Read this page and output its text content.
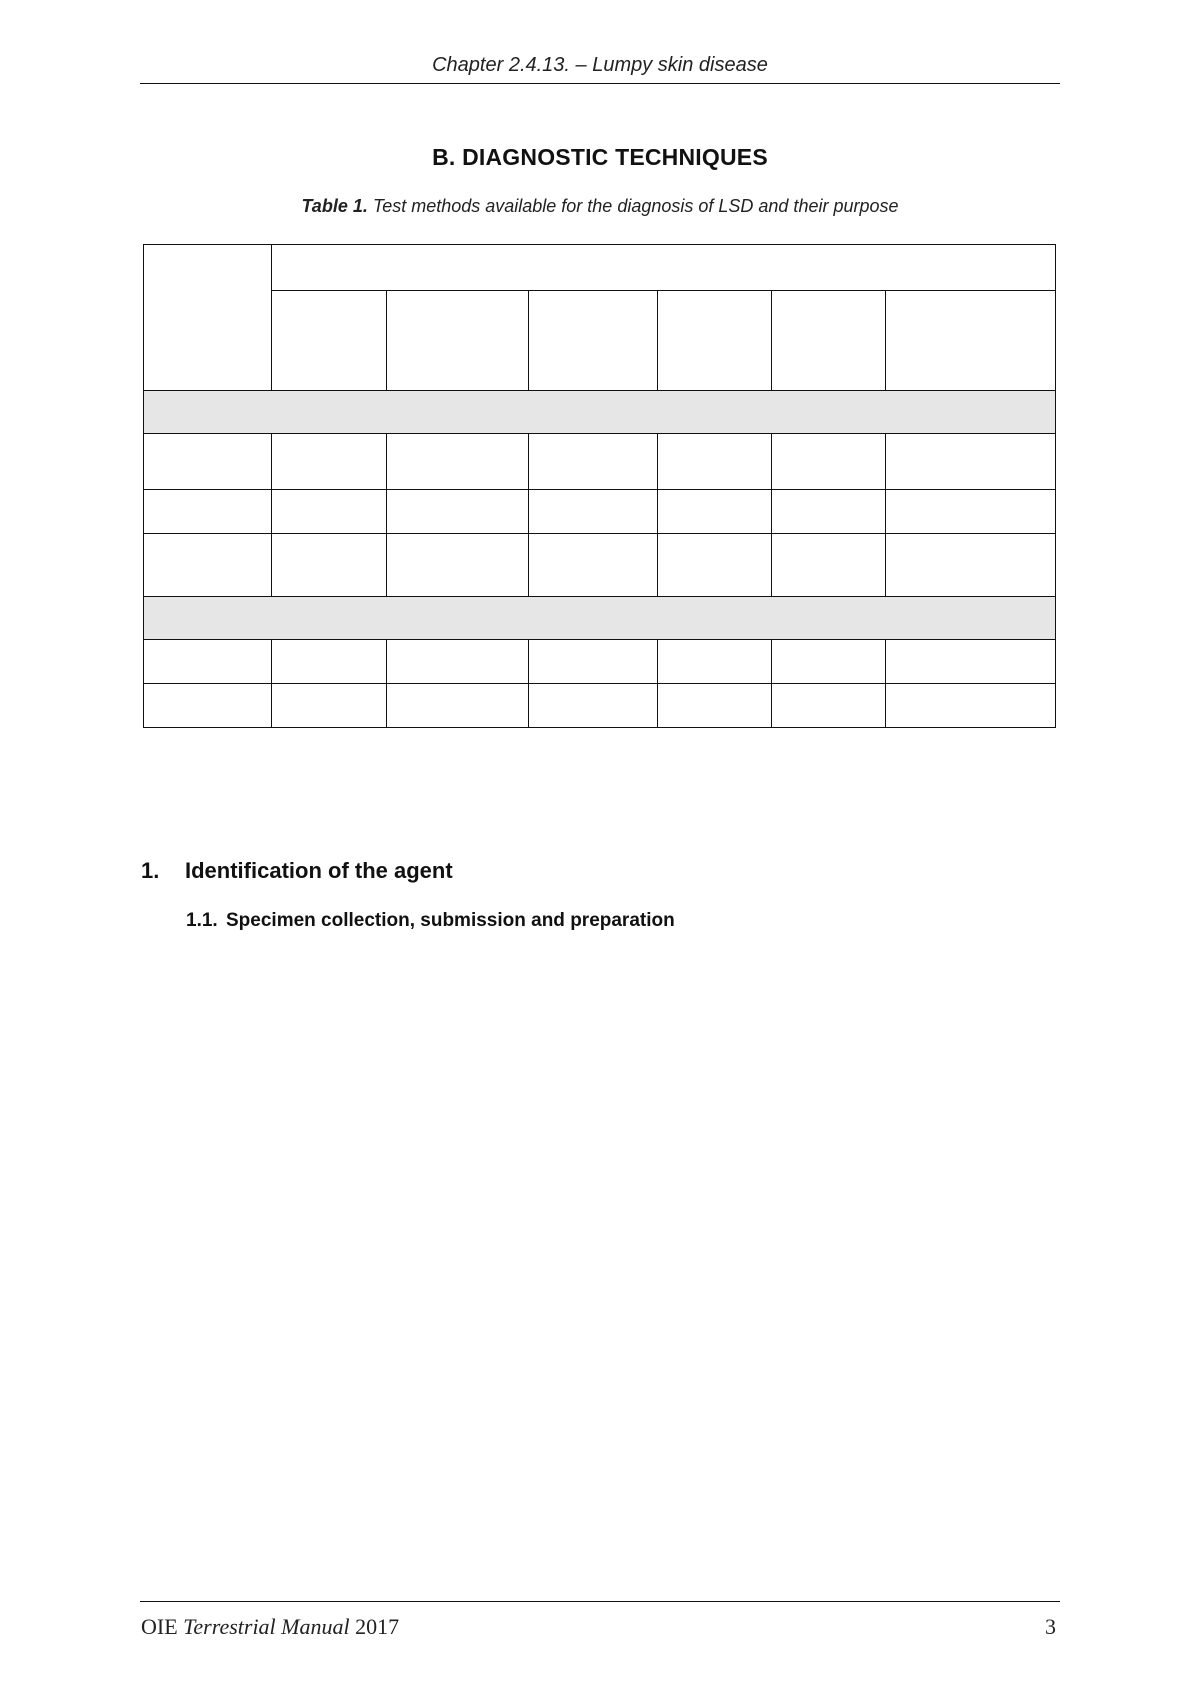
Chapter 2.4.13. – Lumpy skin disease
B. DIAGNOSTIC TECHNIQUES
Table 1. Test methods available for the diagnosis of LSD and their purpose
1. Identification of the agent
1.1. Specimen collection, submission and preparation
OIE Terrestrial Manual 2017	3
